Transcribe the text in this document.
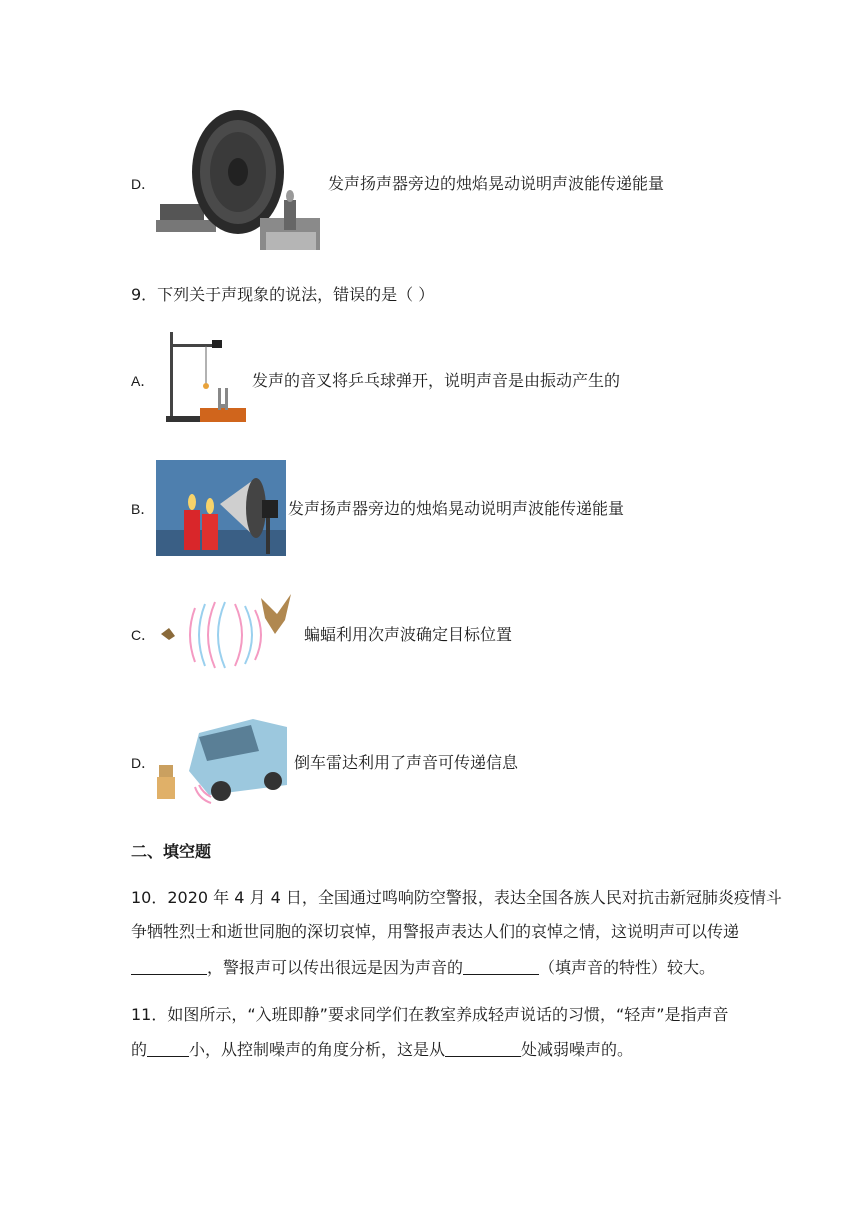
D．	发声扬声器旁边的烛焰晃动说明声波能传递能量
9．下列关于声现象的说法，错误的是（ ）
A．	发声的音叉将乒乓球弹开，说明声音是由振动产生的
B．	发声扬声器旁边的烛焰晃动说明声波能传递能量
C．	蝙蝠利用次声波确定目标位置
D．	倒车雷达利用了声音可传递信息
二、填空题
10．2020 年 4 月 4 日，全国通过鸣响防空警报，表达全国各族人民对抗击新冠肺炎疫情斗
争牺牲烈士和逝世同胞的深切哀悼，用警报声表达人们的哀悼之情，这说明声可以传递
，警报声可以传出很远是因为声音的	（填声音的特性）较大。
11．如图所示，“入班即静”要求同学们在教室养成轻声说话的习惯，“轻声”是指声音
的	小，从控制噪声的角度分析，这是从	处减弱噪声的。
